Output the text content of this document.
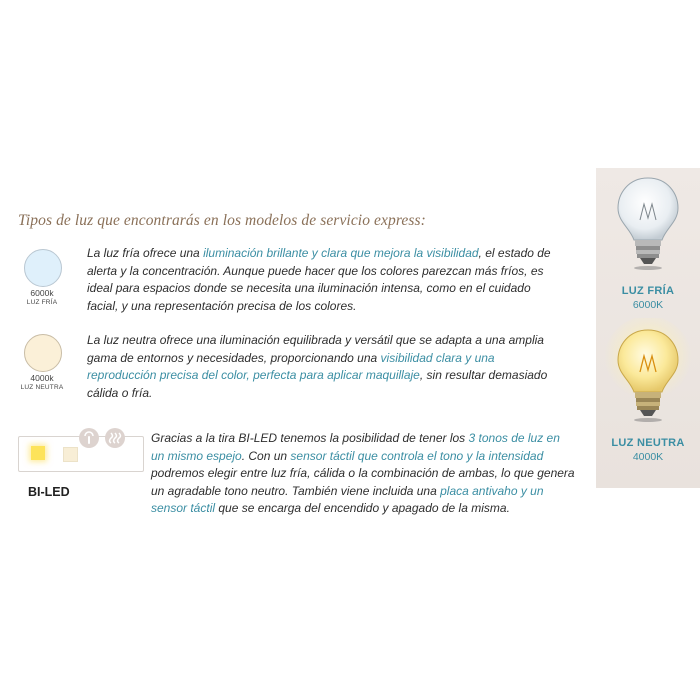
Tipos de luz que encontrarás en los modelos de servicio express:
6000k
LUZ FRÍA
La luz fría ofrece una iluminación brillante y clara que mejora la visibilidad, el estado de alerta y la concentración. Aunque puede hacer que los colores parezcan más fríos, es ideal para espacios donde se necesita una iluminación intensa, como en el cuidado facial, y una representación precisa de los colores.
4000k
LUZ NEUTRA
La luz neutra ofrece una iluminación equilibrada y versátil que se adapta a una amplia gama de entornos y necesidades, proporcionando una visibilidad clara y una reproducción precisa del color, perfecta para aplicar maquillaje, sin resultar demasiado cálida o fría.
BI-LED
Gracias a la tira BI-LED tenemos la posibilidad de tener los 3 tonos de luz en un mismo espejo. Con un sensor táctil que controla el tono y la intensidad podremos elegir entre luz fría, cálida o la combinación de ambas, lo que genera un agradable tono neutro. También viene incluida una placa antivaho y un sensor táctil que se encarga del encendido y apagado de la misma.
LUZ FRÍA
6000K
LUZ NEUTRA
4000K
